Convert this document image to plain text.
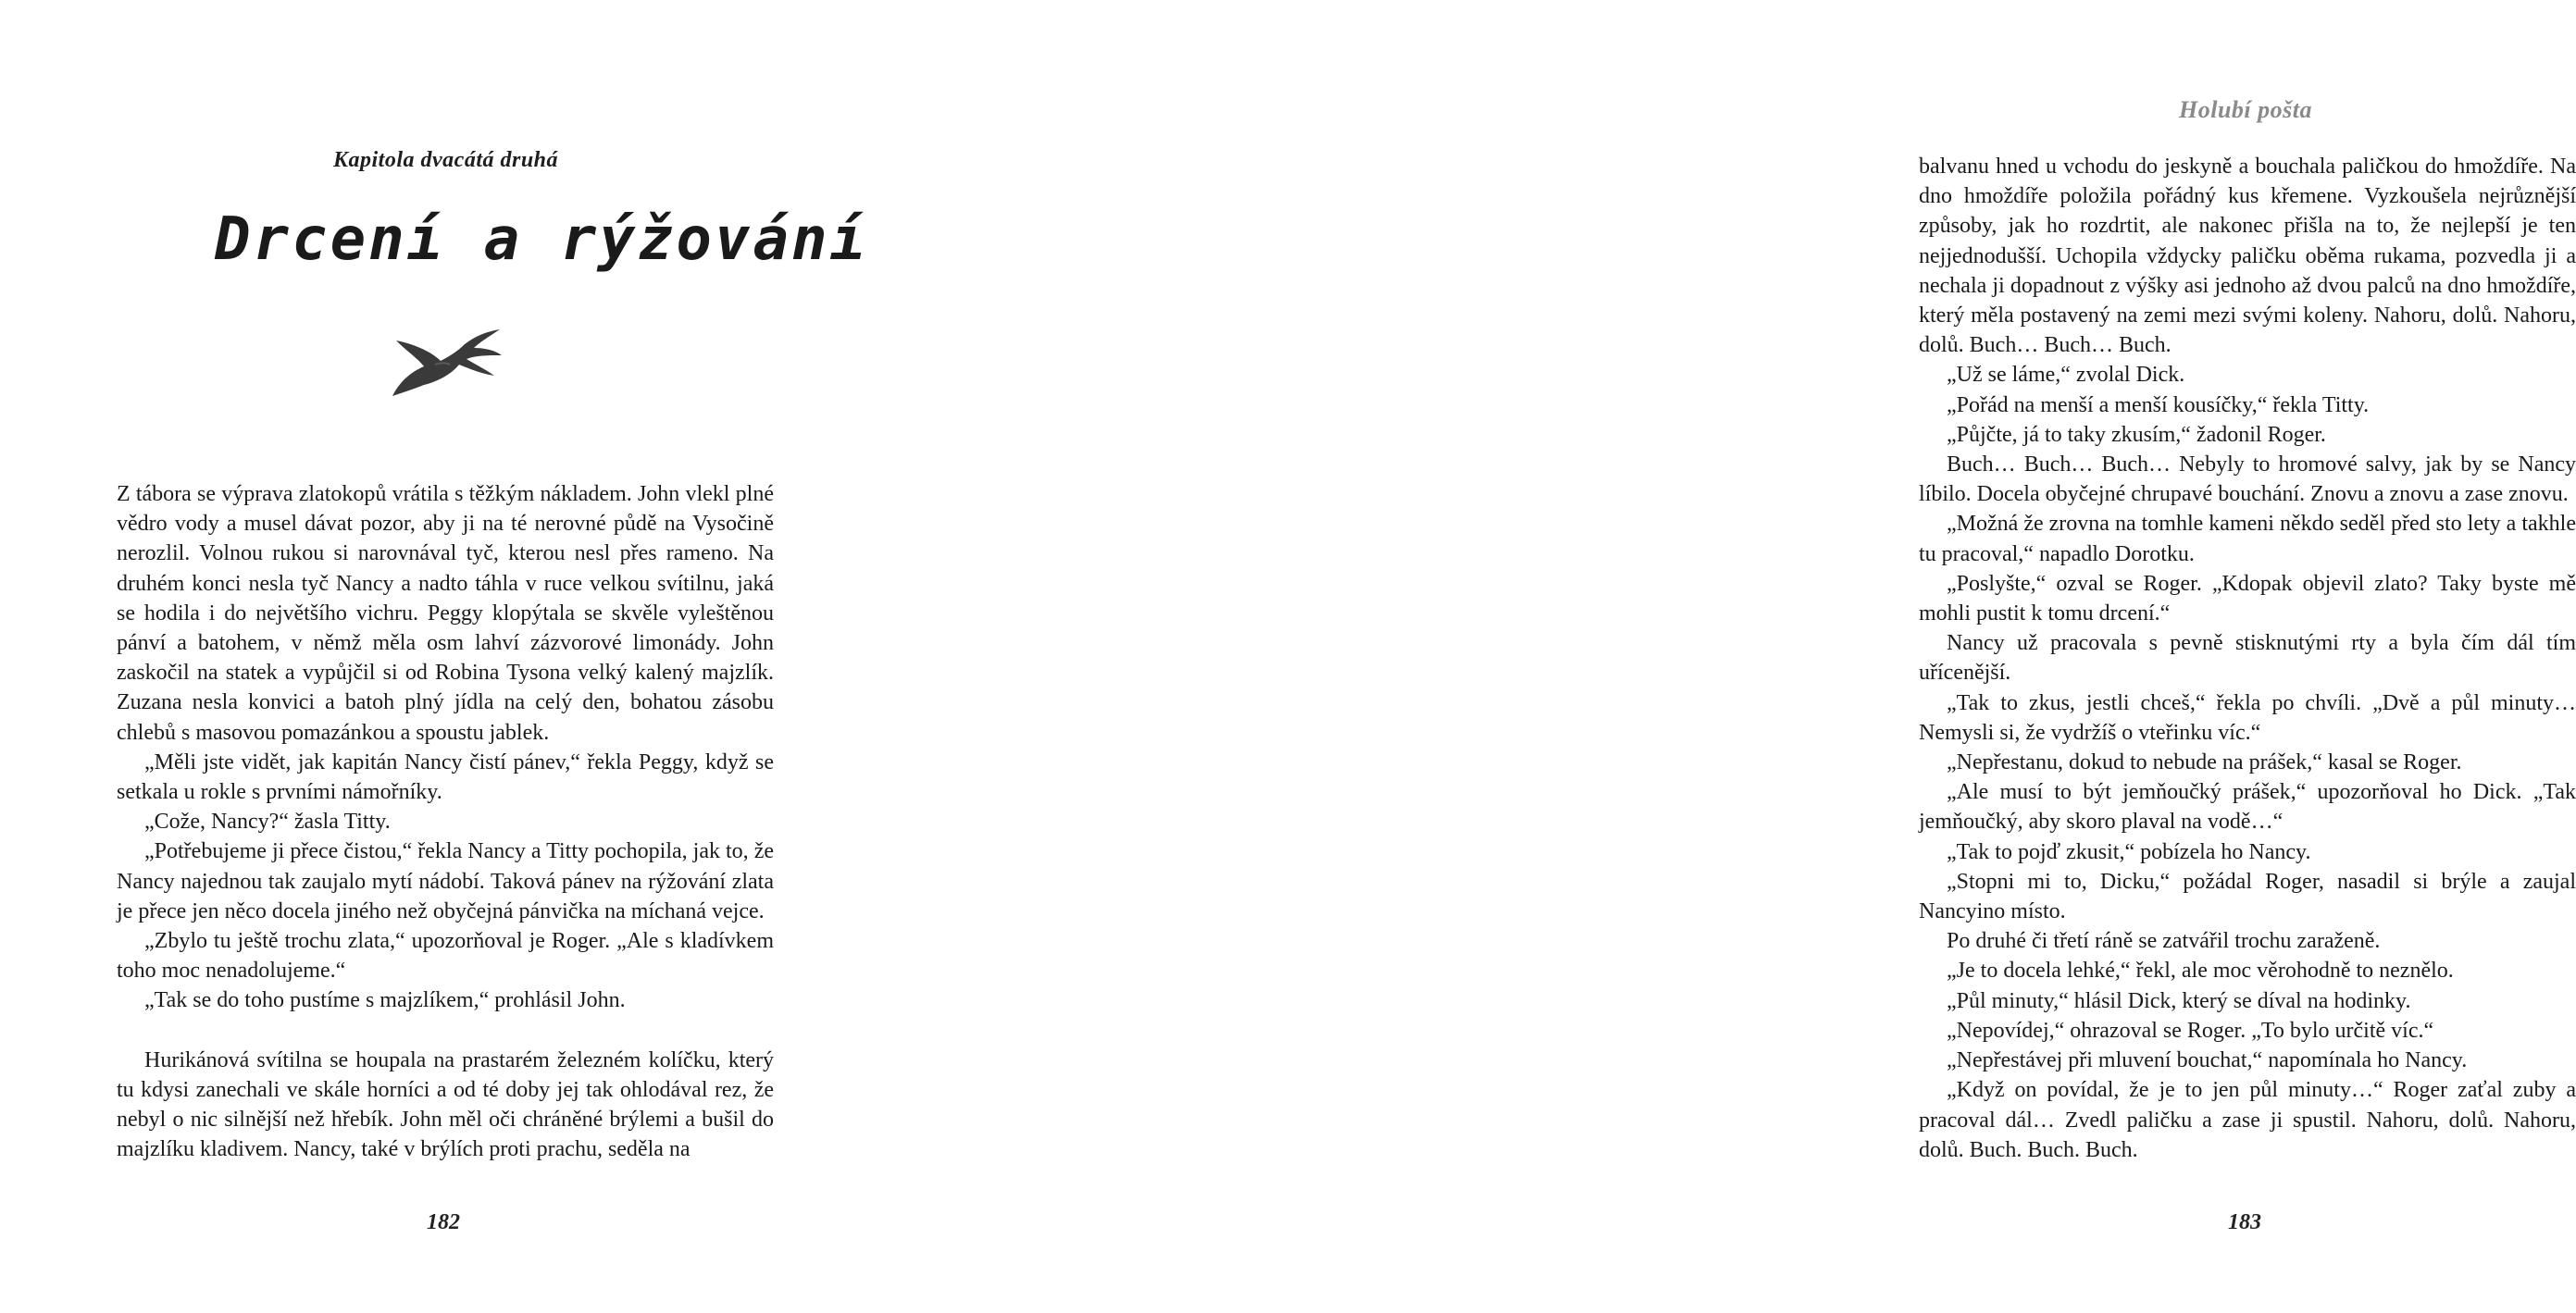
Kapitola dvacátá druhá
Drcení a rýžování

Z tábora se výprava zlatokopů vrátila s těžkým nákladem. John vlekl plné vědro vody a musel dávat pozor, aby ji na té nerovné půdě na Vysočině nerozlil. Volnou rukou si narovnával tyč, kterou nesl přes rameno. Na druhém konci nesla tyč Nancy a nadto táhla v ruce velkou svítilnu, jaká se hodila i do největšího vichru. Peggy klopýtala se skvěle vyleštěnou pánví a batohem, v němž měla osm lahví zázvorové limonády. John zaskočil na statek a vypůjčil si od Robina Tysona velký kalený majzlík. Zuzana nesla konvici a batoh plný jídla na celý den, bohatou zásobu chlebů s masovou pomazánkou a spoustu jablek.

„Měli jste vidět, jak kapitán Nancy čistí pánev,“ řekla Peggy, když se setkala u rokle s prvními námořníky.

„Cože, Nancy?“ žasla Titty.

„Potřebujeme ji přece čistou,“ řekla Nancy a Titty pochopila, jak to, že Nancy najednou tak zaujalo mytí nádobí. Taková pánev na rýžování zlata je přece jen něco docela jiného než obyčejná pánvička na míchaná vejce.

„Zbylo tu ještě trochu zlata,“ upozorňoval je Roger. „Ale s kladívkem toho moc nenadolujeme.“

„Tak se do toho pustíme s majzlíkem,“ prohlásil John.

Hurikánová svítilna se houpala na prastarém železném kolíčku, který tu kdysi zanechali ve skále horníci a od té doby jej tak ohlodával rez, že nebyl o nic silnější než hřebík. John měl oči chráněné brýlemi a bušil do majzlíku kladivem. Nancy, také v brýlích proti prachu, seděla na

182
Holubí pošta

balvanu hned u vchodu do jeskyně a bouchala paličkou do hmoždíře. Na dno hmoždíře položila pořádný kus křemene. Vyzkoušela nejrůznější způsoby, jak ho rozdrtit, ale nakonec přišla na to, že nejlepší je ten nejjednodušší. Uchopila vždycky paličku oběma rukama, pozvedla ji a nechala ji dopadnout z výšky asi jednoho až dvou palců na dno hmoždíře, který měla postavený na zemi mezi svými koleny. Nahoru, dolů. Nahoru, dolů. Buch… Buch… Buch.

„Už se láme,“ zvolal Dick.

„Pořád na menší a menší kousíčky,“ řekla Titty.

„Půjčte, já to taky zkusím,“ žadonil Roger.

Buch… Buch… Buch… Nebyly to hromové salvy, jak by se Nancy líbilo. Docela obyčejné chrupavé bouchání. Znovu a znovu a zase znovu.

„Možná že zrovna na tomhle kameni někdo seděl před sto lety a takhle tu pracoval,“ napadlo Dorotku.

„Poslyšte,“ ozval se Roger. „Kdopak objevil zlato? Taky byste mě mohli pustit k tomu drcení.“

Nancy už pracovala s pevně stisknutými rty a byla čím dál tím uřícenější.

„Tak to zkus, jestli chceš,“ řekla po chvíli. „Dvě a půl minuty… Nemysli si, že vydržíš o vteřinku víc.“

„Nepřestanu, dokud to nebude na prášek,“ kasal se Roger.

„Ale musí to být jemňoučký prášek,“ upozorňoval ho Dick. „Tak jemňoučký, aby skoro plaval na vodě…“

„Tak to pojď zkusit,“ pobízela ho Nancy.

„Stopni mi to, Dicku,“ požádal Roger, nasadil si brýle a zaujal Nancyino místo.

Po druhé či třetí ráně se zatvářil trochu zaraženě.

„Je to docela lehké,“ řekl, ale moc věrohodně to neznělo.

„Půl minuty,“ hlásil Dick, který se díval na hodinky.

„Nepovídej,“ ohrazoval se Roger. „To bylo určitě víc.“

„Nepřestávej při mluvení bouchat,“ napomínala ho Nancy.

„Když on povídal, že je to jen půl minuty…“ Roger zaťal zuby a pracoval dál… Zvedl paličku a zase ji spustil. Nahoru, dolů. Nahoru, dolů. Buch. Buch. Buch.

183
